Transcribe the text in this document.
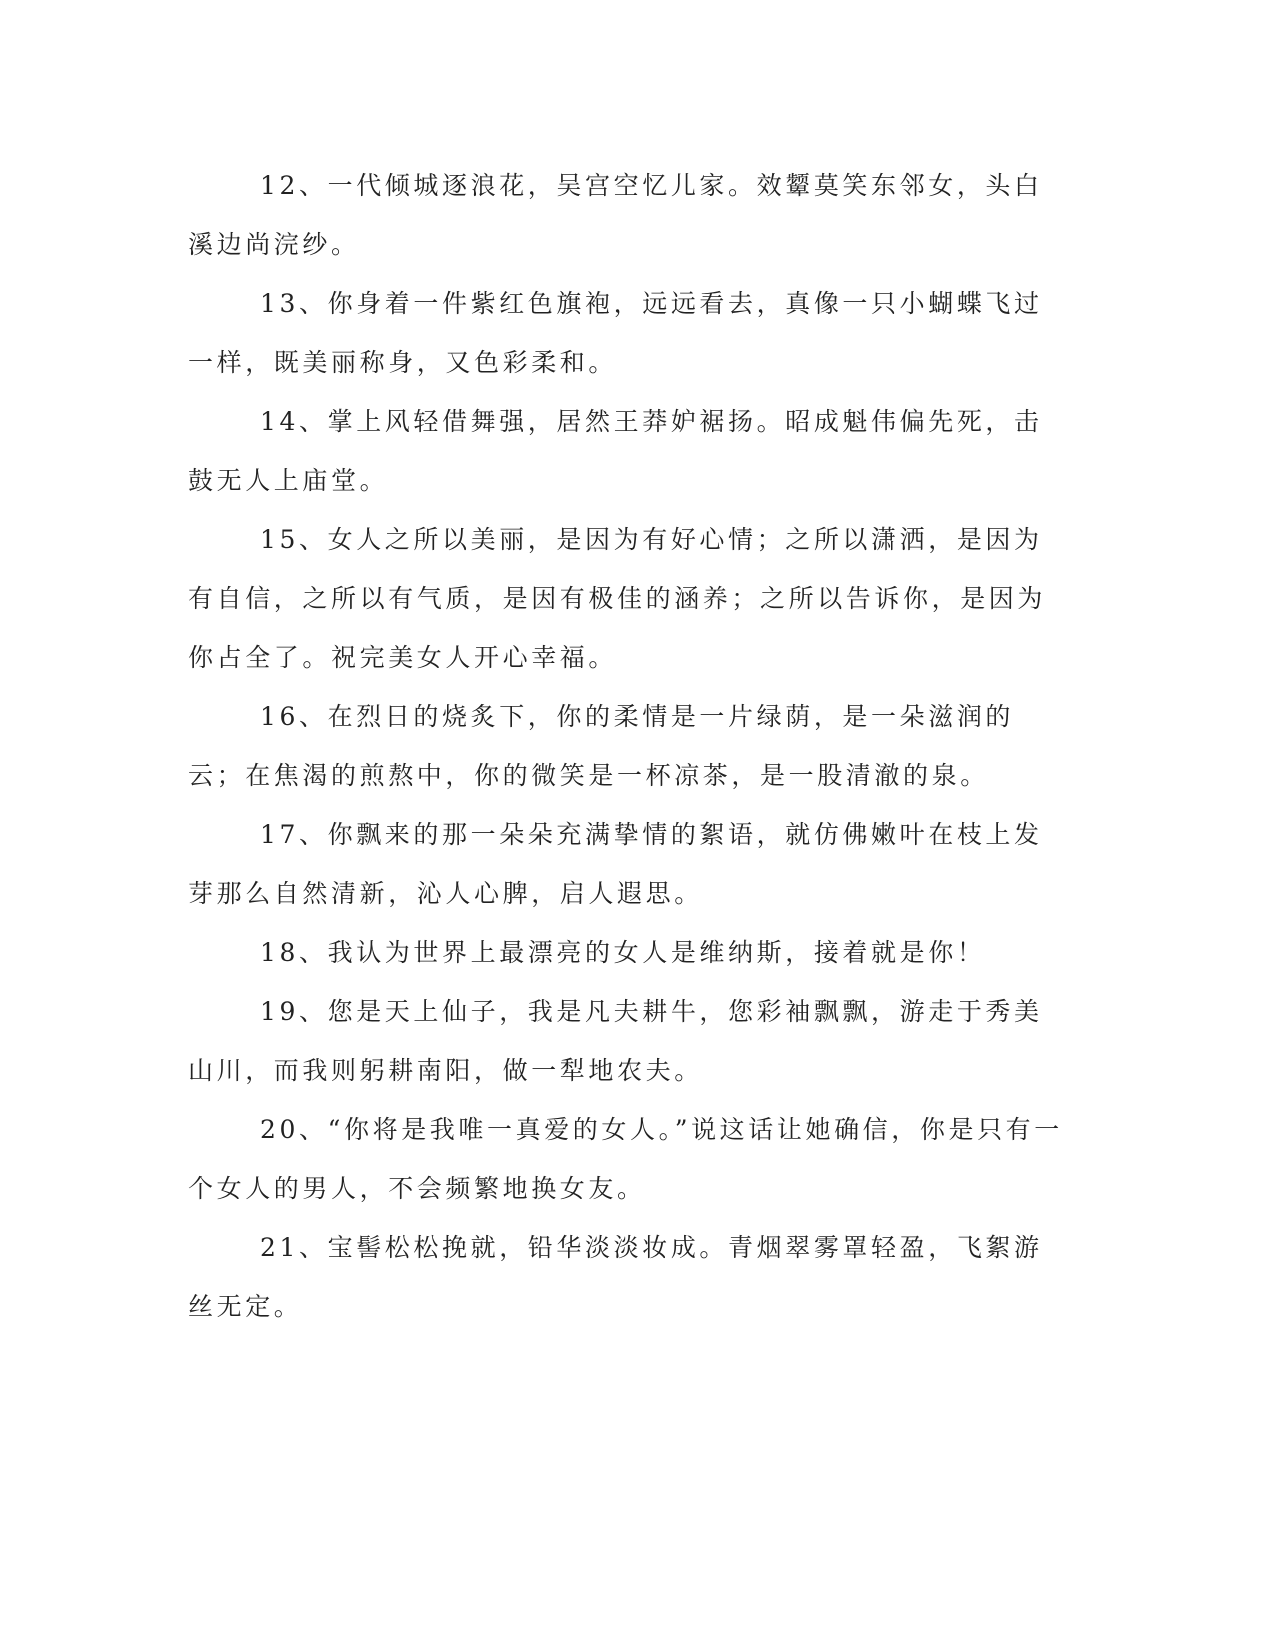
12、一代倾城逐浪花，吴宫空忆儿家。效颦莫笑东邻女，头白溪边尚浣纱。

13、你身着一件紫红色旗袍，远远看去，真像一只小蝴蝶飞过一样，既美丽称身，又色彩柔和。

14、掌上风轻借舞强，居然王莽妒裾扬。昭成魁伟偏先死，击鼓无人上庙堂。

15、女人之所以美丽，是因为有好心情；之所以潇洒，是因为有自信，之所以有气质，是因有极佳的涵养；之所以告诉你，是因为你占全了。祝完美女人开心幸福。

16、在烈日的烧炙下，你的柔情是一片绿荫，是一朵滋润的云；在焦渴的煎熬中，你的微笑是一杯凉茶，是一股清澈的泉。

17、你飘来的那一朵朵充满挚情的絮语，就仿佛嫩叶在枝上发芽那么自然清新，沁人心脾，启人遐思。

18、我认为世界上最漂亮的女人是维纳斯，接着就是你！

19、您是天上仙子，我是凡夫耕牛，您彩袖飘飘，游走于秀美山川，而我则躬耕南阳，做一犁地农夫。

20、“你将是我唯一真爱的女人。”说这话让她确信，你是只有一个女人的男人，不会频繁地换女友。

21、宝髻松松挽就，铅华淡淡妆成。青烟翠雾罩轻盈，飞絮游丝无定。
